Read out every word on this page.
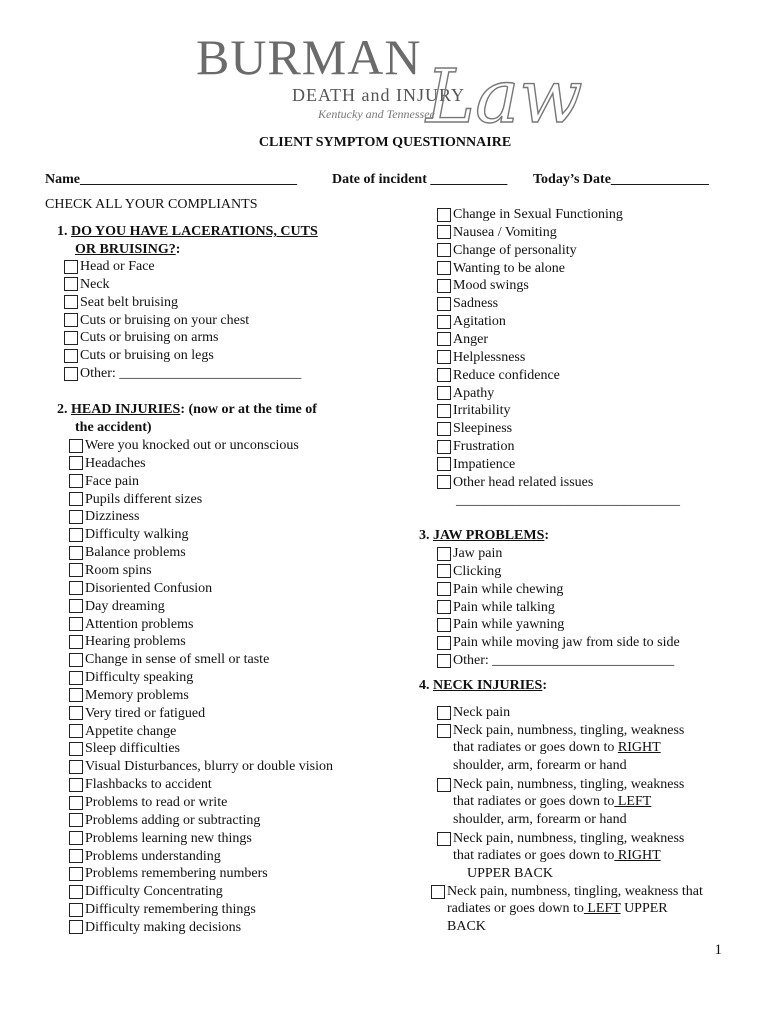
BURMAN
DEATH and INJURY
Kentucky and Tennessee
Law
CLIENT SYMPTOM QUESTIONNAIRE
Name_______________________________	Date of incident ___________ Today’s Date______________
CHECK ALL YOUR COMPLIANTS
1. DO YOU HAVE LACERATIONS, CUTS
OR BRUISING?:
Head or Face
Neck
Seat belt bruising
Cuts or bruising on your chest
Cuts or bruising on arms
Cuts or bruising on legs
Other: __________________________
2. HEAD INJURIES: (now or at the time of
the accident)
Were you knocked out or unconscious
Headaches
Face pain
Pupils different sizes
Dizziness
Difficulty walking
Balance problems
Room spins
Disoriented Confusion
Day dreaming
Attention problems
Hearing problems
Change in sense of smell or taste
Difficulty speaking
Memory problems
Very tired or fatigued
Appetite change
Sleep difficulties
Visual Disturbances, blurry or double vision
Flashbacks to accident
Problems to read or write
Problems adding or subtracting
Problems learning new things
Problems understanding
Problems remembering numbers
Difficulty Concentrating
Difficulty remembering things
Difficulty making decisions
Change in Sexual Functioning
Nausea / Vomiting
Change of personality
Wanting to be alone
Mood swings
Sadness
Agitation
Anger
Helplessness
Reduce confidence
Apathy
Irritability
Sleepiness
Frustration
Impatience
Other head related issues
________________________________
3. JAW PROBLEMS:
Jaw pain
Clicking
Pain while chewing
Pain while talking
Pain while yawning
Pain while moving jaw from side to side
Other: __________________________
4. NECK INJURIES:
Neck pain
Neck pain, numbness, tingling, weakness
that radiates or goes down to RIGHT
shoulder, arm, forearm or hand
Neck pain, numbness, tingling, weakness
that radiates or goes down to LEFT
shoulder, arm, forearm or hand
Neck pain, numbness, tingling, weakness
that radiates or goes down to RIGHT
UPPER BACK
Neck pain, numbness, tingling, weakness that
radiates or goes down to LEFT UPPER
BACK
1
